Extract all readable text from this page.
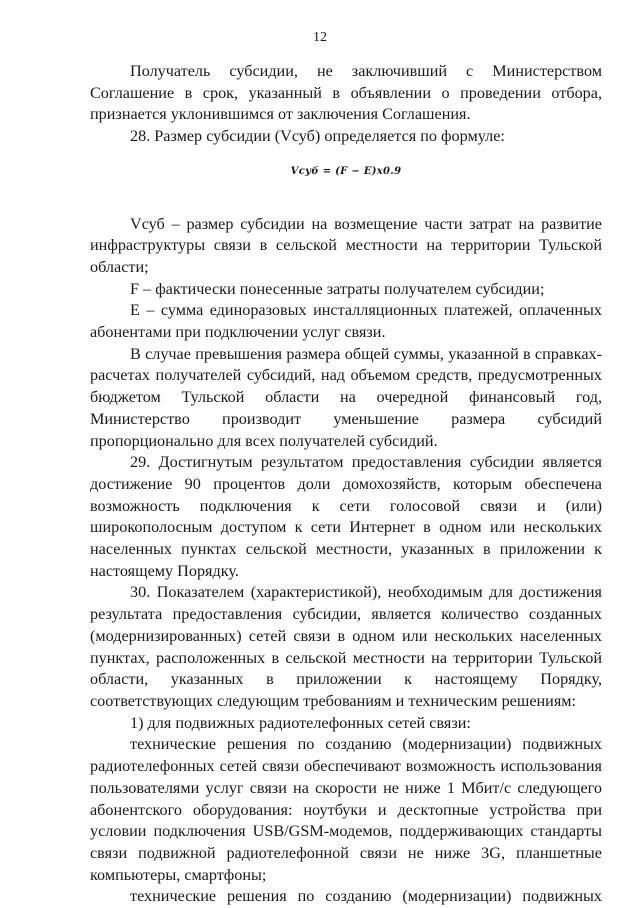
12

Получатель субсидии, не заключивший с Министерством Соглашение в срок, указанный в объявлении о проведении отбора, признается уклонившимся от заключения Соглашения.

28. Размер субсидии (Vсуб) определяется по формуле:

Vсуб = (F − E)x0.9

Vсуб – размер субсидии на возмещение части затрат на развитие инфраструктуры связи в сельской местности на территории Тульской области;

F – фактически понесенные затраты получателем субсидии;

E – сумма единоразовых инсталляционных платежей, оплаченных абонентами при подключении услуг связи.

В случае превышения размера общей суммы, указанной в справках-расчетах получателей субсидий, над объемом средств, предусмотренных бюджетом Тульской области на очередной финансовый год, Министерство производит уменьшение размера субсидий пропорционально для всех получателей субсидий.

29. Достигнутым результатом предоставления субсидии является достижение 90 процентов доли домохозяйств, которым обеспечена возможность подключения к сети голосовой связи и (или) широкополосным доступом к сети Интернет в одном или нескольких населенных пунктах сельской местности, указанных в приложении к настоящему Порядку.

30. Показателем (характеристикой), необходимым для достижения результата предоставления субсидии, является количество созданных (модернизированных) сетей связи в одном или нескольких населенных пунктах, расположенных в сельской местности на территории Тульской области, указанных в приложении к настоящему Порядку, соответствующих следующим требованиям и техническим решениям:

1) для подвижных радиотелефонных сетей связи:

технические решения по созданию (модернизации) подвижных радиотелефонных сетей связи обеспечивают возможность использования пользователями услуг связи на скорости не ниже 1 Мбит/с следующего абонентского оборудования: ноутбуки и десктопные устройства при условии подключения USB/GSM-модемов, поддерживающих стандарты связи подвижной радиотелефонной связи не ниже 3G, планшетные компьютеры, смартфоны;

технические решения по созданию (модернизации) подвижных
